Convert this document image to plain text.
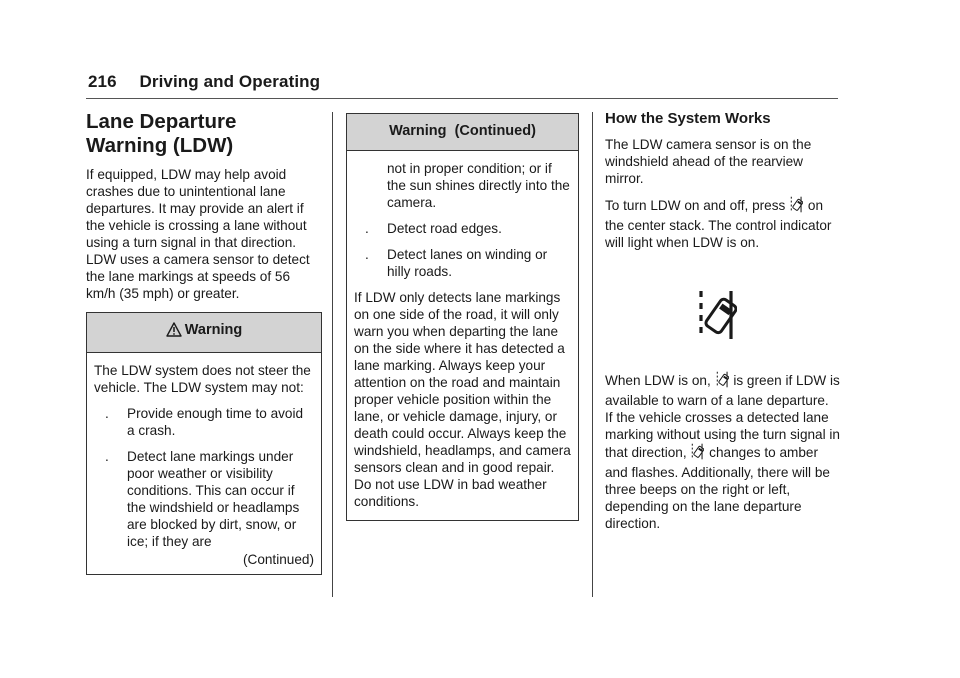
216 Driving and Operating
Lane Departure Warning (LDW)

If equipped, LDW may help avoid crashes due to unintentional lane departures. It may provide an alert if the vehicle is crossing a lane without using a turn signal in that direction. LDW uses a camera sensor to detect the lane markings at speeds of 56 km/h (35 mph) or greater.

Warning

The LDW system does not steer the vehicle. The LDW system may not:

. Provide enough time to avoid a crash.
. Detect lane markings under poor weather or visibility conditions. This can occur if the windshield or headlamps are blocked by dirt, snow, or ice; if they are
(Continued)
Warning  (Continued)
not in proper condition; or if the sun shines directly into the camera.
. Detect road edges.
. Detect lanes on winding or hilly roads.

If LDW only detects lane markings on one side of the road, it will only warn you when departing the lane on the side where it has detected a lane marking. Always keep your attention on the road and maintain proper vehicle position within the lane, or vehicle damage, injury, or death could occur. Always keep the windshield, headlamps, and camera sensors clean and in good repair. Do not use LDW in bad weather conditions.

How the System Works

The LDW camera sensor is on the windshield ahead of the rearview mirror.

To turn LDW on and off, press on the center stack. The control indicator will light when LDW is on.

When LDW is on, is green if LDW is available to warn of a lane departure. If the vehicle crosses a detected lane marking without using the turn signal in that direction, changes to amber and flashes. Additionally, there will be three beeps on the right or left, depending on the lane departure direction.
